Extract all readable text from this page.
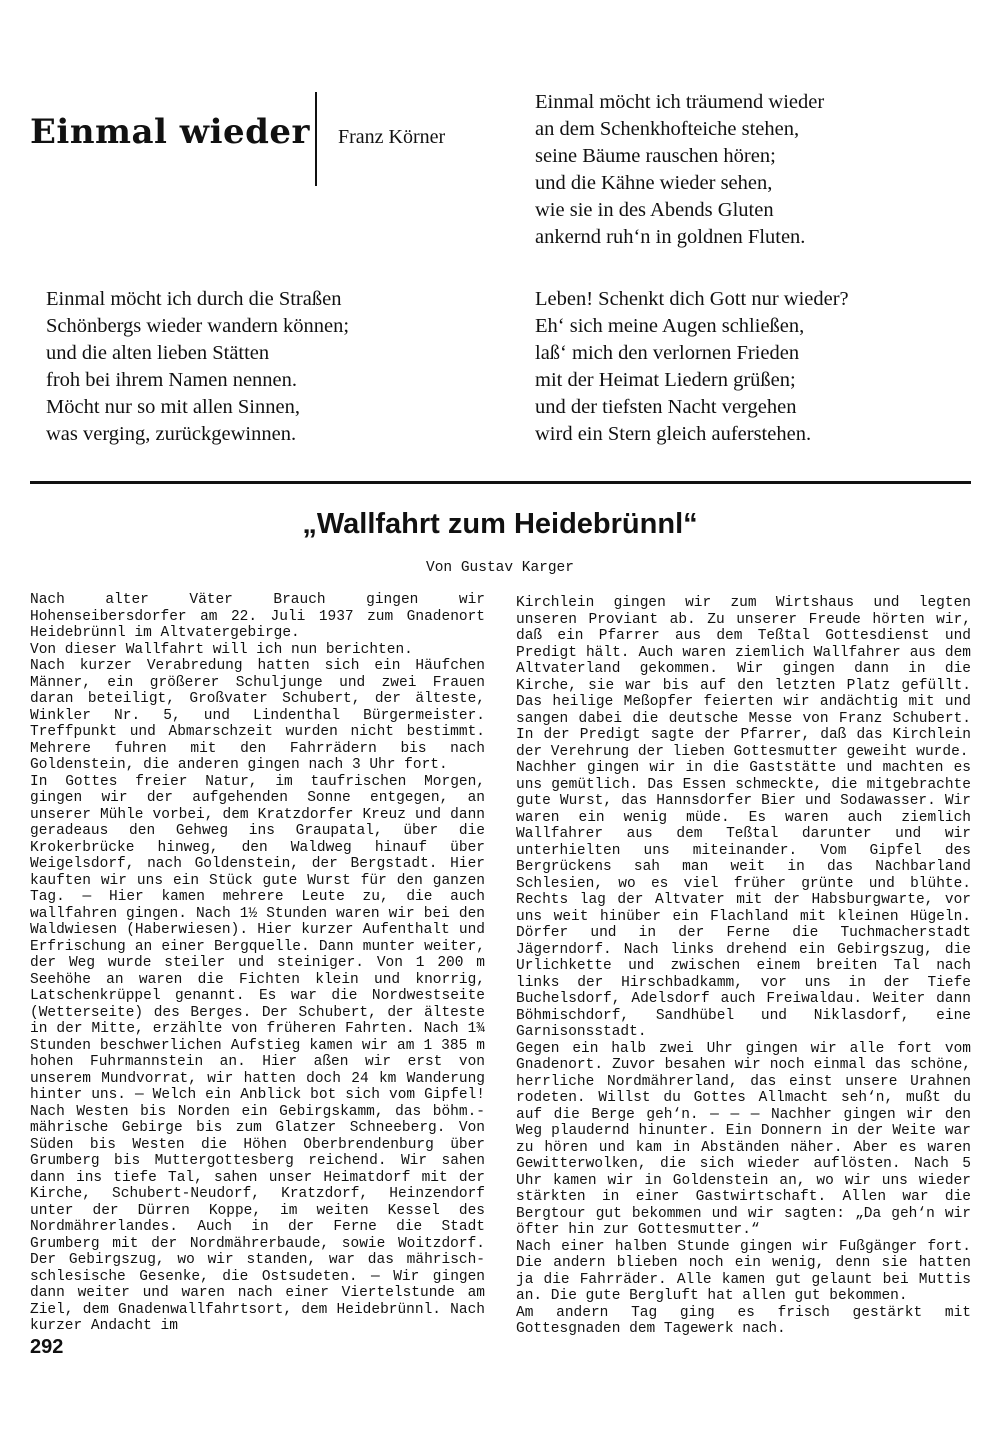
Einmal wieder Franz Körner
Einmal möcht ich träumend wieder
an dem Schenkhofteiche stehen,
seine Bäume rauschen hören;
und die Kähne wieder sehen,
wie sie in des Abends Gluten
ankernd ruh‘n in goldnen Fluten.
Einmal möcht ich durch die Straßen
Schönbergs wieder wandern können;
und die alten lieben Stätten
froh bei ihrem Namen nennen.
Möcht nur so mit allen Sinnen,
was verging, zurückgewinnen.
Leben! Schenkt dich Gott nur wieder?
Eh‘ sich meine Augen schließen,
laß‘ mich den verlornen Frieden
mit der Heimat Liedern grüßen;
und der tiefsten Nacht vergehen
wird ein Stern gleich auferstehen.
„Wallfahrt zum Heidebrünnl“
Von Gustav Karger

Nach alter Väter Brauch gingen wir Hohenseibersdorfer am 22. Juli 1937 zum Gnadenort Heidebrünnl im Altvatergebirge.

Von dieser Wallfahrt will ich nun berichten.

Nach kurzer Verabredung hatten sich ein Häufchen Männer, ein größerer Schuljunge und zwei Frauen daran beteiligt, Großvater Schubert, der älteste, Winkler Nr. 5, und Lindenthal Bürgermeister. Treffpunkt und Abmarschzeit wurden nicht bestimmt. Mehrere fuhren mit den Fahrrädern bis nach Goldenstein, die anderen gingen nach 3 Uhr fort.

In Gottes freier Natur, im taufrischen Morgen, gingen wir der aufgehenden Sonne entgegen, an unserer Mühle vorbei, dem Kratzdorfer Kreuz und dann geradeaus den Gehweg ins Graupatal, über die Krokerbrücke hinweg, den Waldweg hinauf über Weigelsdorf, nach Goldenstein, der Bergstadt. Hier kauften wir uns ein Stück gute Wurst für den ganzen Tag. — Hier kamen mehrere Leute zu, die auch wallfahren gingen. Nach 1½ Stunden waren wir bei den Waldwiesen (Haberwiesen). Hier kurzer Aufenthalt und Erfrischung an einer Bergquelle. Dann munter weiter, der Weg wurde steiler und steiniger. Von 1 200 m Seehöhe an waren die Fichten klein und knorrig, Latschenkrüppel genannt. Es war die Nordwestseite (Wetterseite) des Berges. Der Schubert, der älteste in der Mitte, erzählte von früheren Fahrten. Nach 1¾ Stunden beschwerlichen Aufstieg kamen wir am 1 385 m hohen Fuhrmannstein an. Hier aßen wir erst von unserem Mundvorrat, wir hatten doch 24 km Wanderung hinter uns. — Welch ein Anblick bot sich vom Gipfel! Nach Westen bis Norden ein Gebirgskamm, das böhm.-mährische Gebirge bis zum Glatzer Schneeberg. Von Süden bis Westen die Höhen Oberbrendenburg über Grumberg bis Muttergottesberg reichend. Wir sahen dann ins tiefe Tal, sahen unser Heimatdorf mit der Kirche, Schubert-Neudorf, Kratzdorf, Heinzendorf unter der Dürren Koppe, im weiten Kessel des Nordmährerlandes. Auch in der Ferne die Stadt Grumberg mit der Nordmährerbaude, sowie Woitzdorf. Der Gebirgszug, wo wir standen, war das mährisch-schlesische Gesenke, die Ostsudeten. — Wir gingen dann weiter und waren nach einer Viertelstunde am Ziel, dem Gnadenwallfahrtsort, dem Heidebrünnl. Nach kurzer Andacht im

Kirchlein gingen wir zum Wirtshaus und legten unseren Proviant ab. Zu unserer Freude hörten wir, daß ein Pfarrer aus dem Teßtal Gottesdienst und Predigt hält. Auch waren ziemlich Wallfahrer aus dem Altvaterland gekommen. Wir gingen dann in die Kirche, sie war bis auf den letzten Platz gefüllt. Das heilige Meßopfer feierten wir andächtig mit und sangen dabei die deutsche Messe von Franz Schubert. In der Predigt sagte der Pfarrer, daß das Kirchlein der Verehrung der lieben Gottesmutter geweiht wurde.

Nachher gingen wir in die Gaststätte und machten es uns gemütlich. Das Essen schmeckte, die mitgebrachte gute Wurst, das Hannsdorfer Bier und Sodawasser. Wir waren ein wenig müde. Es waren auch ziemlich Wallfahrer aus dem Teßtal darunter und wir unterhielten uns miteinander. Vom Gipfel des Bergrückens sah man weit in das Nachbarland Schlesien, wo es viel früher grünte und blühte. Rechts lag der Altvater mit der Habsburgwarte, vor uns weit hinüber ein Flachland mit kleinen Hügeln. Dörfer und in der Ferne die Tuchmacherstadt Jägerndorf. Nach links drehend ein Gebirgszug, die Urlichkette und zwischen einem breiten Tal nach links der Hirschbadkamm, vor uns in der Tiefe Buchelsdorf, Adelsdorf auch Freiwaldau. Weiter dann Böhmischdorf, Sandhübel und Niklasdorf, eine Garnisonsstadt.

Gegen ein halb zwei Uhr gingen wir alle fort vom Gnadenort. Zuvor besahen wir noch einmal das schöne, herrliche Nordmährerland, das einst unsere Urahnen rodeten. Willst du Gottes Allmacht seh‘n, mußt du auf die Berge geh‘n. — — — Nachher gingen wir den Weg plaudernd hinunter. Ein Donnern in der Weite war zu hören und kam in Abständen näher. Aber es waren Gewitterwolken, die sich wieder auflösten. Nach 5 Uhr kamen wir in Goldenstein an, wo wir uns wieder stärkten in einer Gastwirtschaft. Allen war die Bergtour gut bekommen und wir sagten: „Da geh‘n wir öfter hin zur Gottesmutter.“

Nach einer halben Stunde gingen wir Fußgänger fort. Die andern blieben noch ein wenig, denn sie hatten ja die Fahrräder. Alle kamen gut gelaunt bei Muttis an. Die gute Bergluft hat allen gut bekommen.

Am andern Tag ging es frisch gestärkt mit Gottesgnaden dem Tagewerk nach.

292
